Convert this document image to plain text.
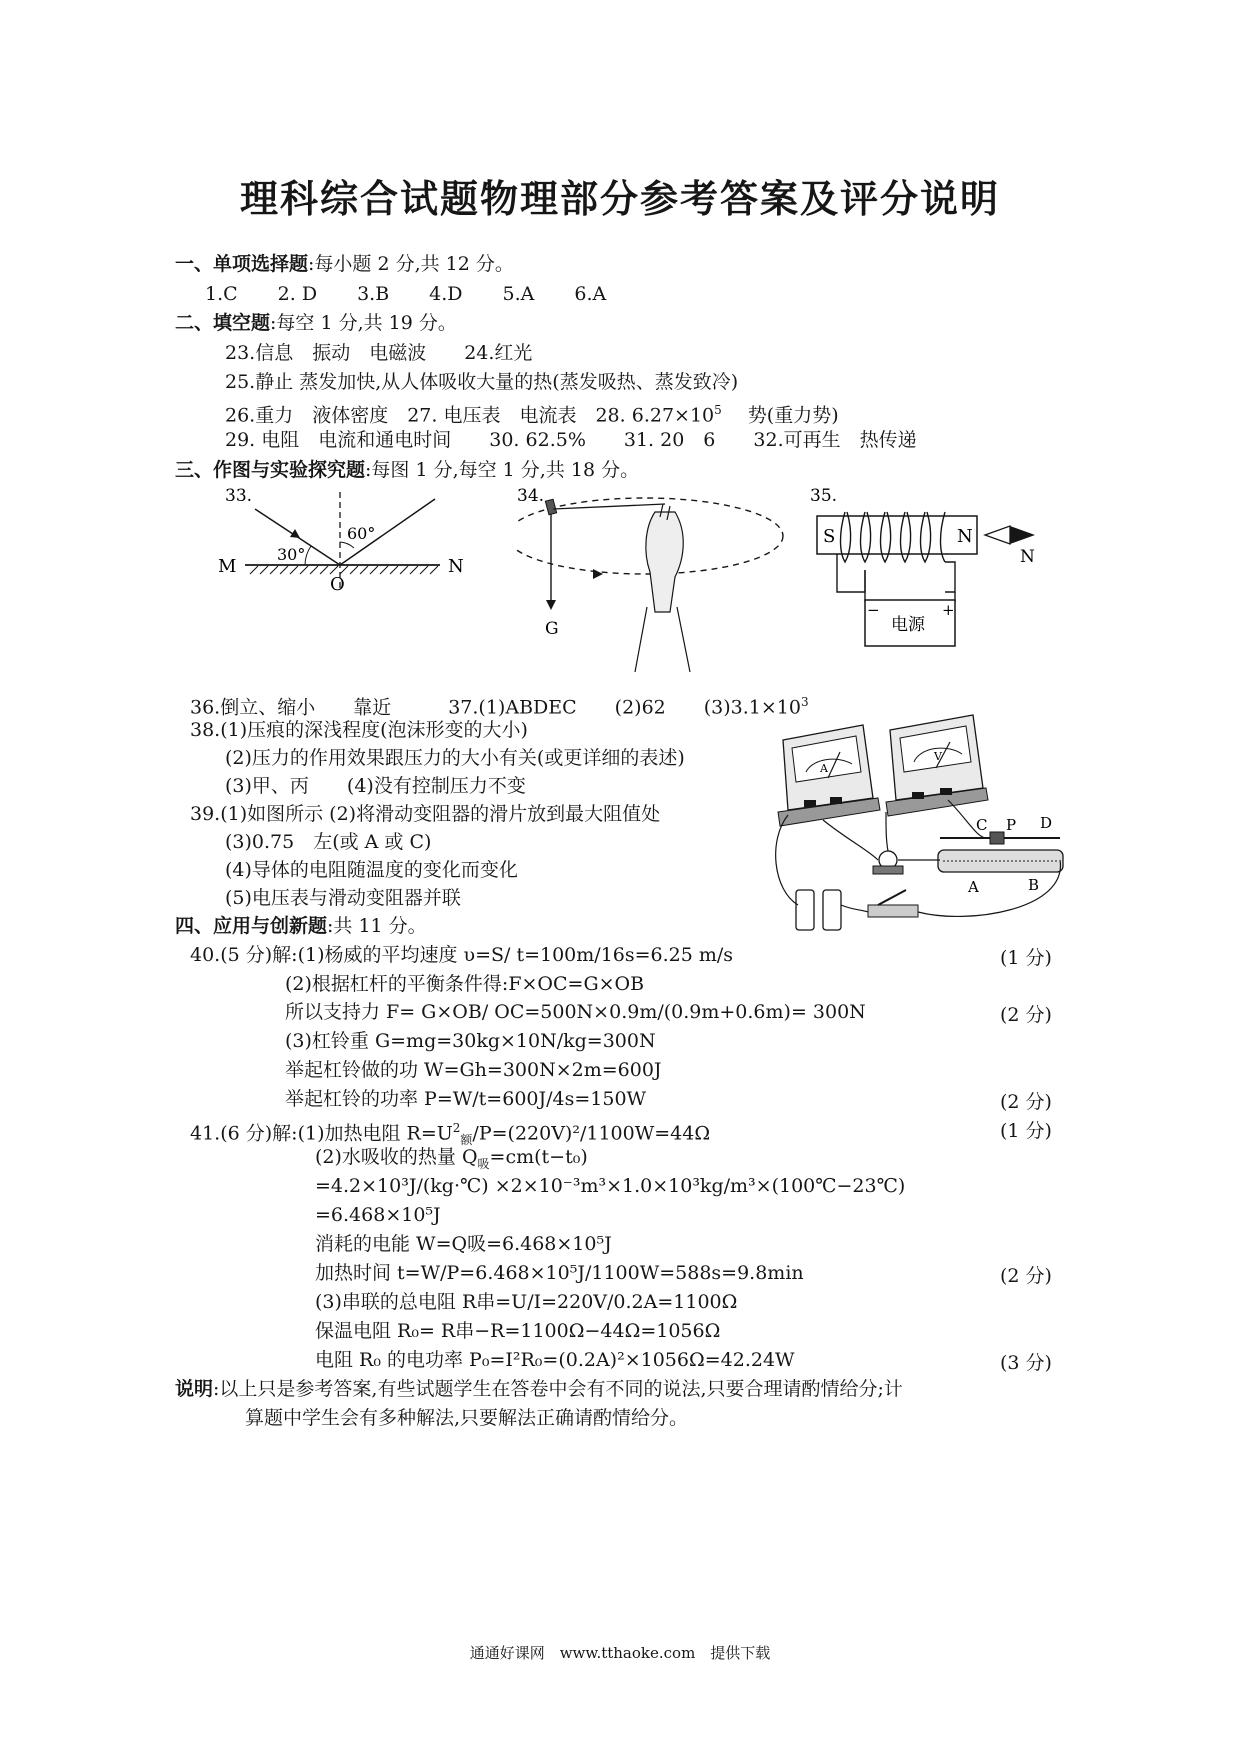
理科综合试题物理部分参考答案及评分说明
一、单项选择题:每小题 2 分,共 12 分。
1.C 2. D 3.B 4.D 5.A 6.A
二、填空题:每空 1 分,共 19 分。
23.信息　振动　电磁波　　24.红光
25.静止 蒸发加快,从人体吸收大量的热(蒸发吸热、蒸发致冷)
26.重力　液体密度　27. 电压表　电流表　28. $6.27\times 10^5$ 势(重力势)
29. 电阻　电流和通电时间　　30. 62.5%　　31. 20　6　　32.可再生　热传递
三、作图与实验探究题:每图 1 分,每空 1 分,共 18 分。
33.
30°
60°
M	N
O
34.
G
35.
S	N
电源
−	+
N
36.倒立、缩小　　靠近　　　37.(1)ABDEC　　(2)62　　$(3)3.1\times 10^3$
38.(1)压痕的深浅程度(泡沫形变的大小)
(2)压力的作用效果跟压力的大小有关(或更详细的表述)
(3)甲、丙　　(4)没有控制压力不变
39.(1)如图所示 (2)将滑动变阻器的滑片放到最大阻值处
(3)0.75　左(或 A 或 C)
(4)导体的电阻随温度的变化而变化
(5)电压表与滑动变阻器并联
A
V
C P D
A	B
四、应用与创新题:共 11 分。
40.(5 分)解:(1)杨威的平均速度 υ=S/ t=100m/16s=6.25 m/s	(1 分)
(2)根据杠杆的平衡条件得:F×OC=G×OB
所以支持力 F= G×OB/ OC=500N×0.9m/(0.9m+0.6m)= 300N	(2 分)
(3)杠铃重 G=mg=30kg×10N/kg=300N
举起杠铃做的功 W=Gh=300N×2m=600J
举起杠铃的功率 P=W/t=600J/4s=150W	(2 分)
41.(6 分)解:(1)加热电阻 $R=U^2_额/P=(220V)^2/1100W=44\Omega$	(1 分)
(2)水吸收的热量 $Q_吸=cm(t-t_0)$
=4.2×10³J/(kg·℃) ×2×10⁻³m³×1.0×10³kg/m³×(100℃−23℃)
=6.468×10⁵J
消耗的电能 W=Q吸=6.468×10⁵J
加热时间 t=W/P=6.468×10⁵J/1100W=588s=9.8min	(2 分)
(3)串联的总电阻 R串=U/I=220V/0.2A=1100Ω
保温电阻 R₀= R串−R=1100Ω−44Ω=1056Ω
电阻 R₀ 的电功率 P₀=I²R₀=(0.2A)²×1056Ω=42.24W	(3 分)
说明:以上只是参考答案,有些试题学生在答卷中会有不同的说法,只要合理请酌情给分;计
算题中学生会有多种解法,只要解法正确请酌情给分。
通通好课网　www.tthaoke.com　提供下载
